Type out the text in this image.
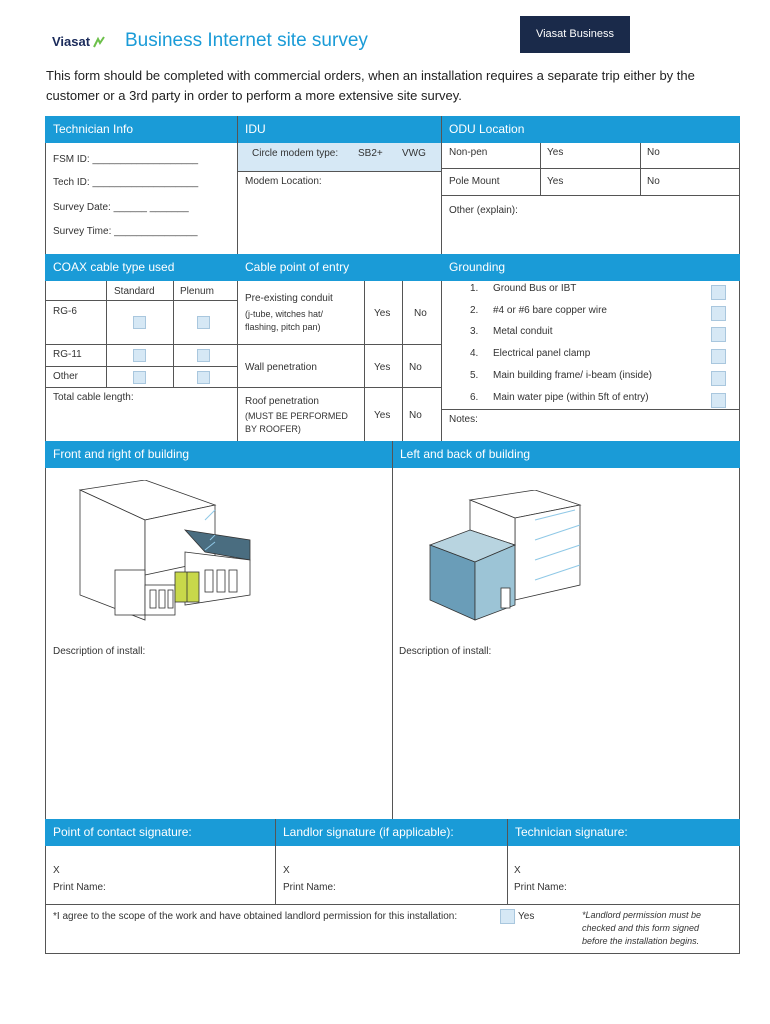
Viasat Business Internet site survey	Viasat Business
This form should be completed with commercial orders, when an installation requires a separate trip either by the customer or a 3rd party in order to perform a more extensive site survey.
Technician Info	IDU	ODU Location
FSM ID: ___________________
Tech ID: ___________________
Survey Date: ______ _______
Survey Time: _______________
Circle modem type: SB2+ VWG
Modem Location:
Non-pen	Yes	No
Pole Mount	Yes	No
Other (explain):
COAX cable type used	Cable point of entry	Grounding
Standard	Plenum
RG-6
RG-11
Other
Total cable length:
Pre-existing conduit
(j-tube, witches hat/ flashing, pitch pan)
Yes No
Wall penetration	Yes No
Roof penetration
(MUST BE PERFORMED BY ROOFER)
Yes No
1. Ground Bus or IBT
2. #4 or #6 bare copper wire
3. Metal conduit
4. Electrical panel clamp
5. Main building frame/ i-beam (inside)
6. Main water pipe (within 5ft of entry)
Notes:
Front and right of building	Left and back of building
Description of install:	Description of install:
Point of contact signature:	Landlor signature (if applicable):	Technician signature:
X
Print Name:
X
Print Name:
X
Print Name:
*I agree to the scope of the work and have obtained landlord permission for this installation:	Yes	*Landlord permission must be checked and this form signed before the installation begins.
